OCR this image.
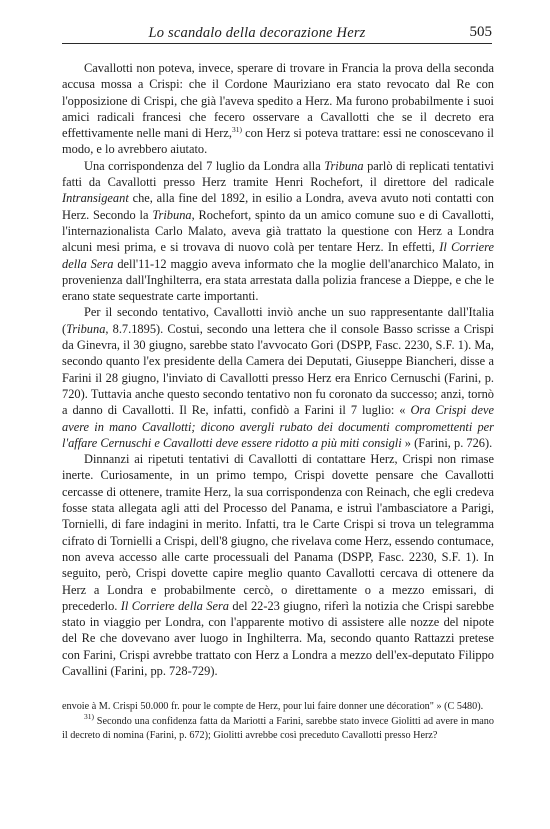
Lo scandalo della decorazione Herz	505

Cavallotti non poteva, invece, sperare di trovare in Francia la prova della seconda accusa mossa a Crispi: che il Cordone Mauriziano era stato revocato dal Re con l'opposizione di Crispi, che già l'aveva spedito a Herz. Ma furono probabilmente i suoi amici radicali francesi che fecero osservare a Cavallotti che se il decreto era effettivamente nelle mani di Herz,$^{31)}$ con Herz si poteva trattare: essi ne conoscevano il modo, e lo avrebbero aiutato.

Una corrispondenza del 7 luglio da Londra alla Tribuna parlò di replicati tentativi fatti da Cavallotti presso Herz tramite Henri Rochefort, il direttore del radicale Intransigeant che, alla fine del 1892, in esilio a Londra, aveva avuto noti contatti con Herz. Secondo la Tribuna, Rochefort, spinto da un amico comune suo e di Cavallotti, l'internazionalista Carlo Malato, aveva già trattato la questione con Herz a Londra alcuni mesi prima, e si trovava di nuovo colà per tentare Herz. In effetti, Il Corriere della Sera dell'11-12 maggio aveva informato che la moglie dell'anarchico Malato, in provenienza dall'Inghilterra, era stata arrestata dalla polizia francese a Dieppe, e che le erano state sequestrate carte importanti.

Per il secondo tentativo, Cavallotti inviò anche un suo rappresentante dall'Italia (Tribuna, 8.7.1895). Costui, secondo una lettera che il console Basso scrisse a Crispi da Ginevra, il 30 giugno, sarebbe stato l'avvocato Gori (DSPP, Fasc. 2230, S.F. 1). Ma, secondo quanto l'ex presidente della Camera dei Deputati, Giuseppe Biancheri, disse a Farini il 28 giugno, l'inviato di Cavallotti presso Herz era Enrico Cernuschi (Farini, p. 720). Tuttavia anche questo secondo tentativo non fu coronato da successo; anzi, tornò a danno di Cavallotti. Il Re, infatti, confidò a Farini il 7 luglio: « Ora Crispi deve avere in mano Cavallotti; dicono avergli rubato dei documenti compromettenti per l'affare Cernuschi e Cavallotti deve essere ridotto a più miti consigli » (Farini, p. 726).

Dinnanzi ai ripetuti tentativi di Cavallotti di contattare Herz, Crispi non rimase inerte. Curiosamente, in un primo tempo, Crispi dovette pensare che Cavallotti cercasse di ottenere, tramite Herz, la sua corrispondenza con Reinach, che egli credeva fosse stata allegata agli atti del Processo del Panama, e istruì l'ambasciatore a Parigi, Tornielli, di fare indagini in merito. Infatti, tra le Carte Crispi si trova un telegramma cifrato di Tornielli a Crispi, dell'8 giugno, che rivelava come Herz, essendo contumace, non aveva accesso alle carte processuali del Panama (DSPP, Fasc. 2230, S.F. 1). In seguito, però, Crispi dovette capire meglio quanto Cavallotti cercava di ottenere da Herz a Londra e probabilmente cercò, o direttamente o a mezzo emissari, di precederlo. Il Corriere della Sera del 22-23 giugno, riferì la notizia che Crispi sarebbe stato in viaggio per Londra, con l'apparente motivo di assistere alle nozze del nipote del Re che dovevano aver luogo in Inghilterra. Ma, secondo quanto Rattazzi pretese con Farini, Crispi avrebbe trattato con Herz a Londra a mezzo dell'ex-deputato Filippo Cavallini (Farini, pp. 728-729).

envoie à M. Crispi 50.000 fr. pour le compte de Herz, pour lui faire donner une décoration" » (C 5480).

$^{31)}$ Secondo una confidenza fatta da Mariotti a Farini, sarebbe stato invece Giolitti ad avere in mano il decreto di nomina (Farini, p. 672); Giolitti avrebbe così preceduto Cavallotti presso Herz?
